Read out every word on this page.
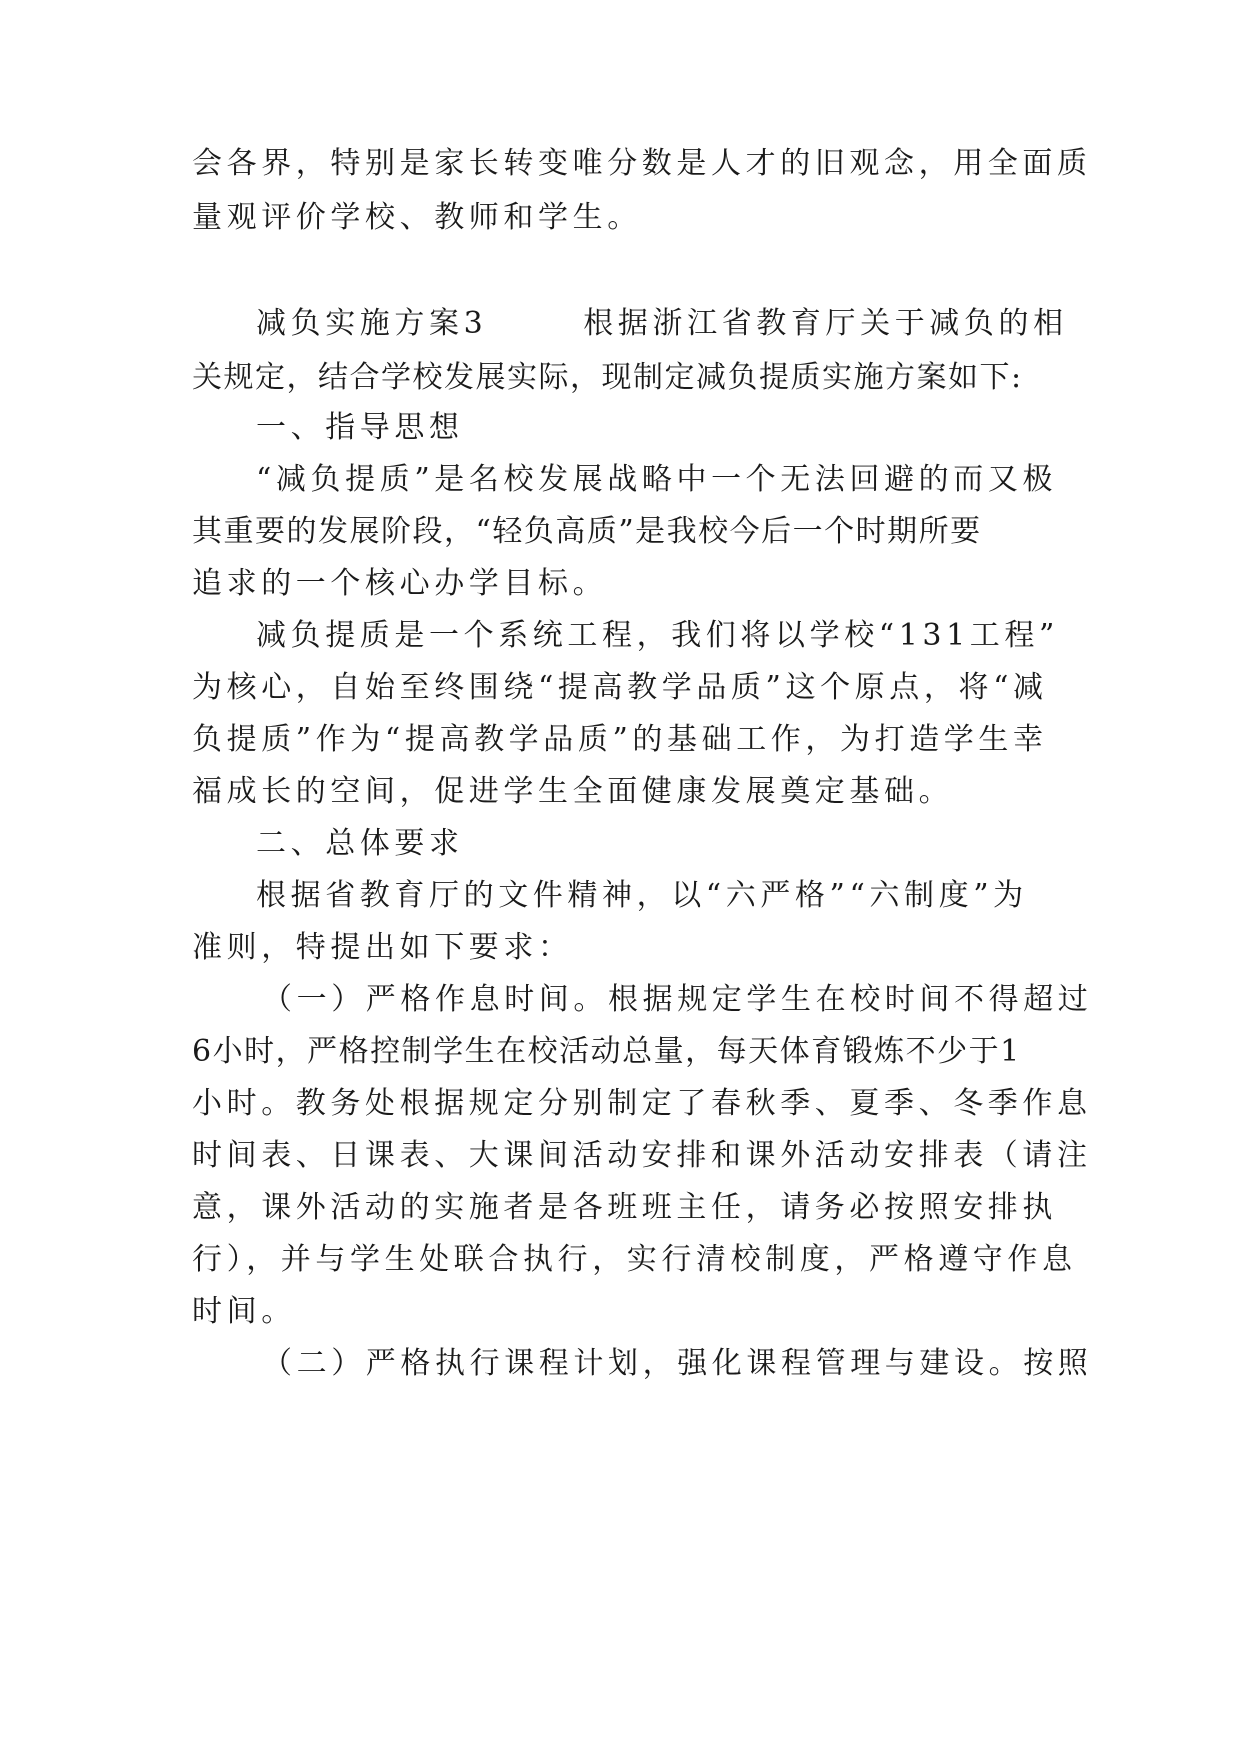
会各界，特别是家长转变唯分数是人才的旧观念，用全面质
量观评价学校、教师和学生。
减负实施方案3	根据浙江省教育厅关于减负的相
关规定，结合学校发展实际，现制定减负提质实施方案如下:
一、指导思想
“减负提质”是名校发展战略中一个无法回避的而又极
其重要的发展阶段，“轻负高质”是我校今后一个时期所要
追求的一个核心办学目标。
减负提质是一个系统工程，我们将以学校“131工程”
为核心，自始至终围绕“提高教学品质”这个原点，将“减
负提质”作为“提高教学品质”的基础工作，为打造学生幸
福成长的空间，促进学生全面健康发展奠定基础。
二、总体要求
根据省教育厅的文件精神，以“六严格”“六制度”为
准则，特提出如下要求：
（一）严格作息时间。根据规定学生在校时间不得超过
6小时，严格控制学生在校活动总量，每天体育锻炼不少于1
小时。教务处根据规定分别制定了春秋季、夏季、冬季作息
时间表、日课表、大课间活动安排和课外活动安排表（请注
意，课外活动的实施者是各班班主任，请务必按照安排执
行），并与学生处联合执行，实行清校制度，严格遵守作息
时间。
（二）严格执行课程计划，强化课程管理与建设。按照
